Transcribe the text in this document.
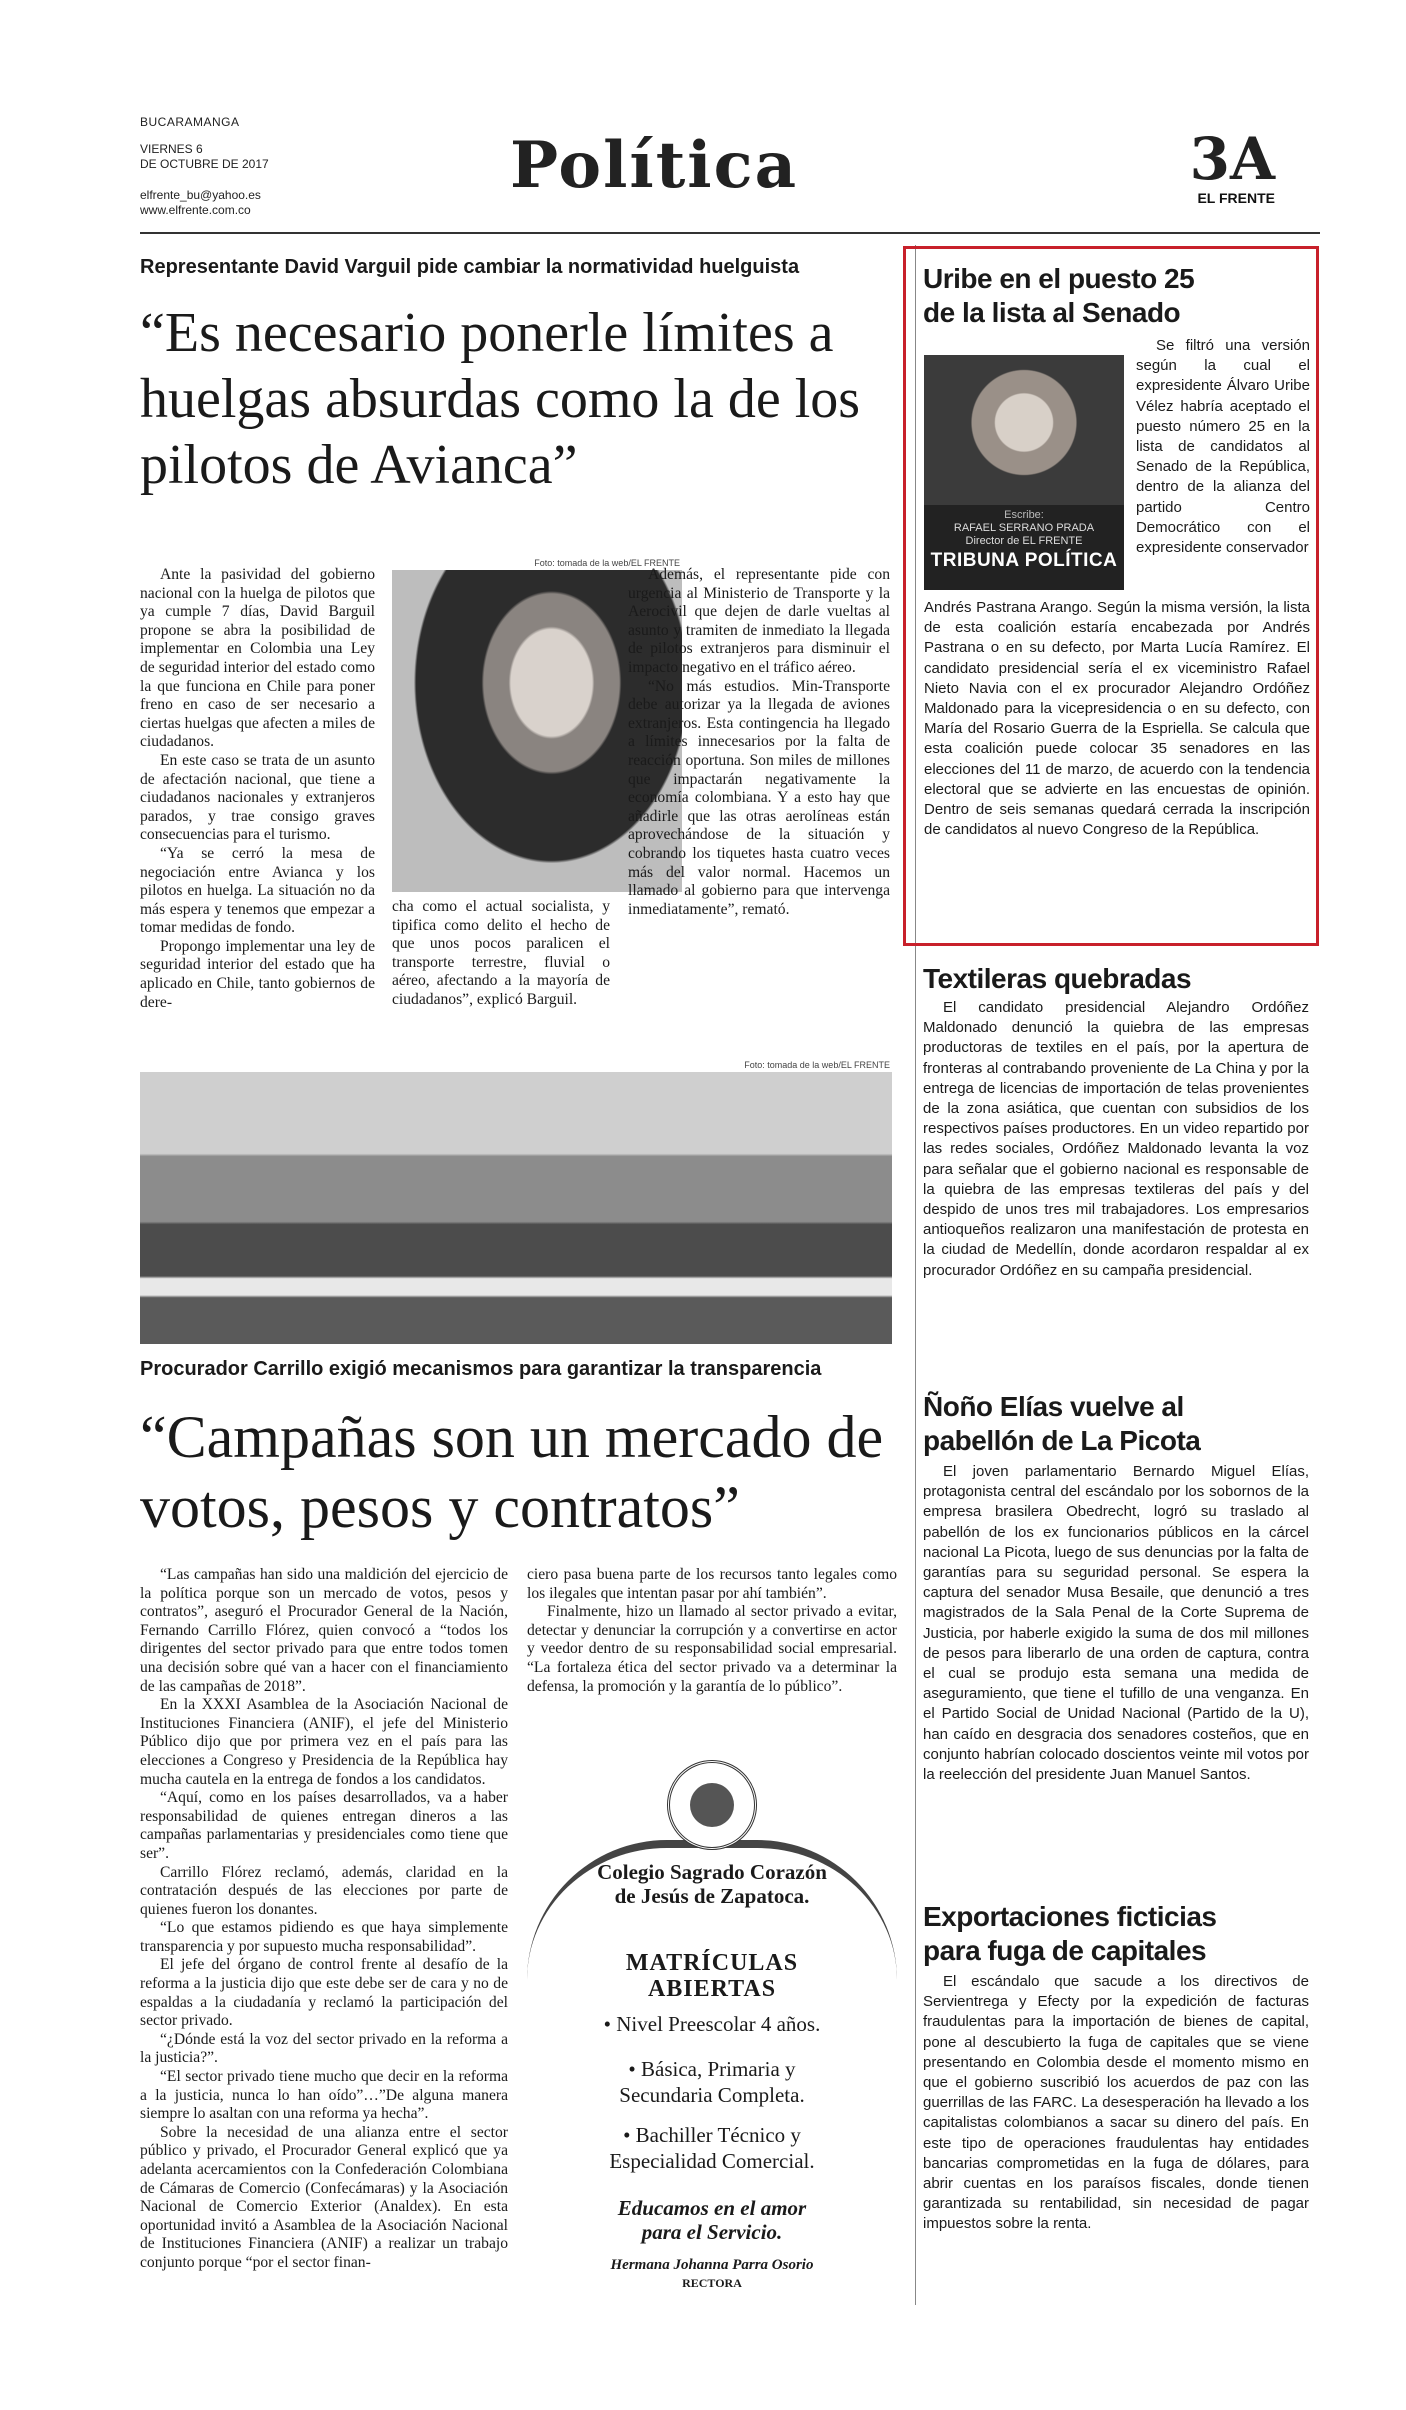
BUCARAMANGA
VIERNES 6
DE OCTUBRE DE 2017
elfrente_bu@yahoo.es
www.elfrente.com.co
Política	3A
EL FRENTE
Representante David Varguil pide cambiar la normatividad huelguista
“Es necesario ponerle límites a huelgas absurdas como la de los pilotos de Avianca”

Ante la pasividad del gobierno nacional con la huelga de pilotos que ya cumple 7 días, David Barguil propone se abra la posibilidad de implementar en Colombia una Ley de seguridad interior del estado como la que funciona en Chile para poner freno en caso de ser necesario a ciertas huelgas que afecten a miles de ciudadanos.

En este caso se trata de un asunto de afectación nacional, que tiene a ciudadanos nacionales y extranjeros parados, y trae consigo graves consecuencias para el turismo.

“Ya se cerró la mesa de negociación entre Avianca y los pilotos en huelga. La situación no da más espera y tenemos que empezar a tomar medidas de fondo.

Propongo implementar una ley de seguridad interior del estado que ha aplicado en Chile, tanto gobiernos de dere-

Foto: tomada de la web/EL FRENTE

cha como el actual socialista, y tipifica como delito el hecho de que unos pocos paralicen el transporte terrestre, fluvial o aéreo, afectando a la mayoría de ciudadanos”, explicó Barguil.

Además, el representante pide con urgencia al Ministerio de Transporte y la Aerocivil que dejen de darle vueltas al asunto y tramiten de inmediato la llegada de pilotos extranjeros para disminuir el impacto negativo en el tráfico aéreo.

“No más estudios. Min-Transporte debe autorizar ya la llegada de aviones extranjeros. Esta contingencia ha llegado a límites innecesarios por la falta de reacción oportuna. Son miles de millones que impactarán negativamente la economía colombiana. Y a esto hay que añadirle que las otras aerolíneas están aprovechándose de la situación y cobrando los tiquetes hasta cuatro veces más del valor normal. Hacemos un llamado al gobierno para que intervenga inmediatamente”, remató.

Foto: tomada de la web/EL FRENTE
Procurador Carrillo exigió mecanismos para garantizar la transparencia
“Campañas son un mercado de votos, pesos y contratos”

“Las campañas han sido una maldición del ejercicio de la política porque son un mercado de votos, pesos y contratos”, aseguró el Procurador General de la Nación, Fernando Carrillo Flórez, quien convocó a “todos los dirigentes del sector privado para que entre todos tomen una decisión sobre qué van a hacer con el financiamiento de las campañas de 2018”.

En la XXXI Asamblea de la Asociación Nacional de Instituciones Financiera (ANIF), el jefe del Ministerio Público dijo que por primera vez en el país para las elecciones a Congreso y Presidencia de la República hay mucha cautela en la entrega de fondos a los candidatos.

“Aquí, como en los países desarrollados, va a haber responsabilidad de quienes entregan dineros a las campañas parlamentarias y presidenciales como tiene que ser”.

Carrillo Flórez reclamó, además, claridad en la contratación después de las elecciones por parte de quienes fueron los donantes.

“Lo que estamos pidiendo es que haya simplemente transparencia y por supuesto mucha responsabilidad”.

El jefe del órgano de control frente al desafío de la reforma a la justicia dijo que este debe ser de cara y no de espaldas a la ciudadanía y reclamó la participación del sector privado.

“¿Dónde está la voz del sector privado en la reforma a la justicia?”.

“El sector privado tiene mucho que decir en la reforma a la justicia, nunca lo han oído”…”De alguna manera siempre lo asaltan con una reforma ya hecha”.

Sobre la necesidad de una alianza entre el sector público y privado, el Procurador General explicó que ya adelanta acercamientos con la Confederación Colombiana de Cámaras de Comercio (Confecámaras) y la Asociación Nacional de Comercio Exterior (Analdex). En esta oportunidad invitó a Asamblea de la Asociación Nacional de Instituciones Financiera (ANIF) a realizar un trabajo conjunto porque “por el sector finan-

ciero pasa buena parte de los recursos tanto legales como los ilegales que intentan pasar por ahí también”.

Finalmente, hizo un llamado al sector privado a evitar, detectar y denunciar la corrupción y a convertirse en actor y veedor dentro de su responsabilidad social empresarial. “La fortaleza ética del sector privado va a determinar la defensa, la promoción y la garantía de lo público”.

Colegio Sagrado Corazón
de Jesús de Zapatoca.
MATRÍCULAS
ABIERTAS
• Nivel Preescolar 4 años.
• Básica, Primaria y
Secundaria Completa.
• Bachiller Técnico y
Especialidad Comercial.
Educamos en el amor
para el Servicio.
Hermana Johanna Parra Osorio
RECTORA
Uribe en el puesto 25
de la lista al Senado
Escribe:
RAFAEL SERRANO PRADA
Director de EL FRENTE
TRIBUNA POLÍTICA

Se filtró una versión según la cual el expresidente Álvaro Uribe Vélez habría aceptado el puesto número 25 en la lista de candidatos al Senado de la República, dentro de la alianza del partido Centro Democrático con el expresidente conservador

Andrés Pastrana Arango. Según la misma versión, la lista de esta coalición estaría encabezada por Andrés Pastrana o en su defecto, por Marta Lucía Ramírez. El candidato presidencial sería el ex viceministro Rafael Nieto Navia con el ex procurador Alejandro Ordóñez Maldonado para la vicepresidencia o en su defecto, con María del Rosario Guerra de la Espriella. Se calcula que esta coalición puede colocar 35 senadores en las elecciones del 11 de marzo, de acuerdo con la tendencia electoral que se advierte en las encuestas de opinión. Dentro de seis semanas quedará cerrada la inscripción de candidatos al nuevo Congreso de la República.

Textileras quebradas

El candidato presidencial Alejandro Ordóñez Maldonado denunció la quiebra de las empresas productoras de textiles en el país, por la apertura de fronteras al contrabando proveniente de La China y por la entrega de licencias de importación de telas provenientes de la zona asiática, que cuentan con subsidios de los respectivos países productores. En un video repartido por las redes sociales, Ordóñez Maldonado levanta la voz para señalar que el gobierno nacional es responsable de la quiebra de las empresas textileras del país y del despido de unos tres mil trabajadores. Los empresarios antioqueños realizaron una manifestación de protesta en la ciudad de Medellín, donde acordaron respaldar al ex procurador Ordóñez en su campaña presidencial.

Ñoño Elías vuelve al
pabellón de La Picota

El joven parlamentario Bernardo Miguel Elías, protagonista central del escándalo por los sobornos de la empresa brasilera Obedrecht, logró su traslado al pabellón de los ex funcionarios públicos en la cárcel nacional La Picota, luego de sus denuncias por la falta de garantías para su seguridad personal. Se espera la captura del senador Musa Besaile, que denunció a tres magistrados de la Sala Penal de la Corte Suprema de Justicia, por haberle exigido la suma de dos mil millones de pesos para liberarlo de una orden de captura, contra el cual se produjo esta semana una medida de aseguramiento, que tiene el tufillo de una venganza. En el Partido Social de Unidad Nacional (Partido de la U), han caído en desgracia dos senadores costeños, que en conjunto habrían colocado doscientos veinte mil votos por la reelección del presidente Juan Manuel Santos.

Exportaciones ficticias
para fuga de capitales

El escándalo que sacude a los directivos de Servientrega y Efecty por la expedición de facturas fraudulentas para la importación de bienes de capital, pone al descubierto la fuga de capitales que se viene presentando en Colombia desde el momento mismo en que el gobierno suscribió los acuerdos de paz con las guerrillas de las FARC. La desesperación ha llevado a los capitalistas colombianos a sacar su dinero del país. En este tipo de operaciones fraudulentas hay entidades bancarias comprometidas en la fuga de dólares, para abrir cuentas en los paraísos fiscales, donde tienen garantizada su rentabilidad, sin necesidad de pagar impuestos sobre la renta.
